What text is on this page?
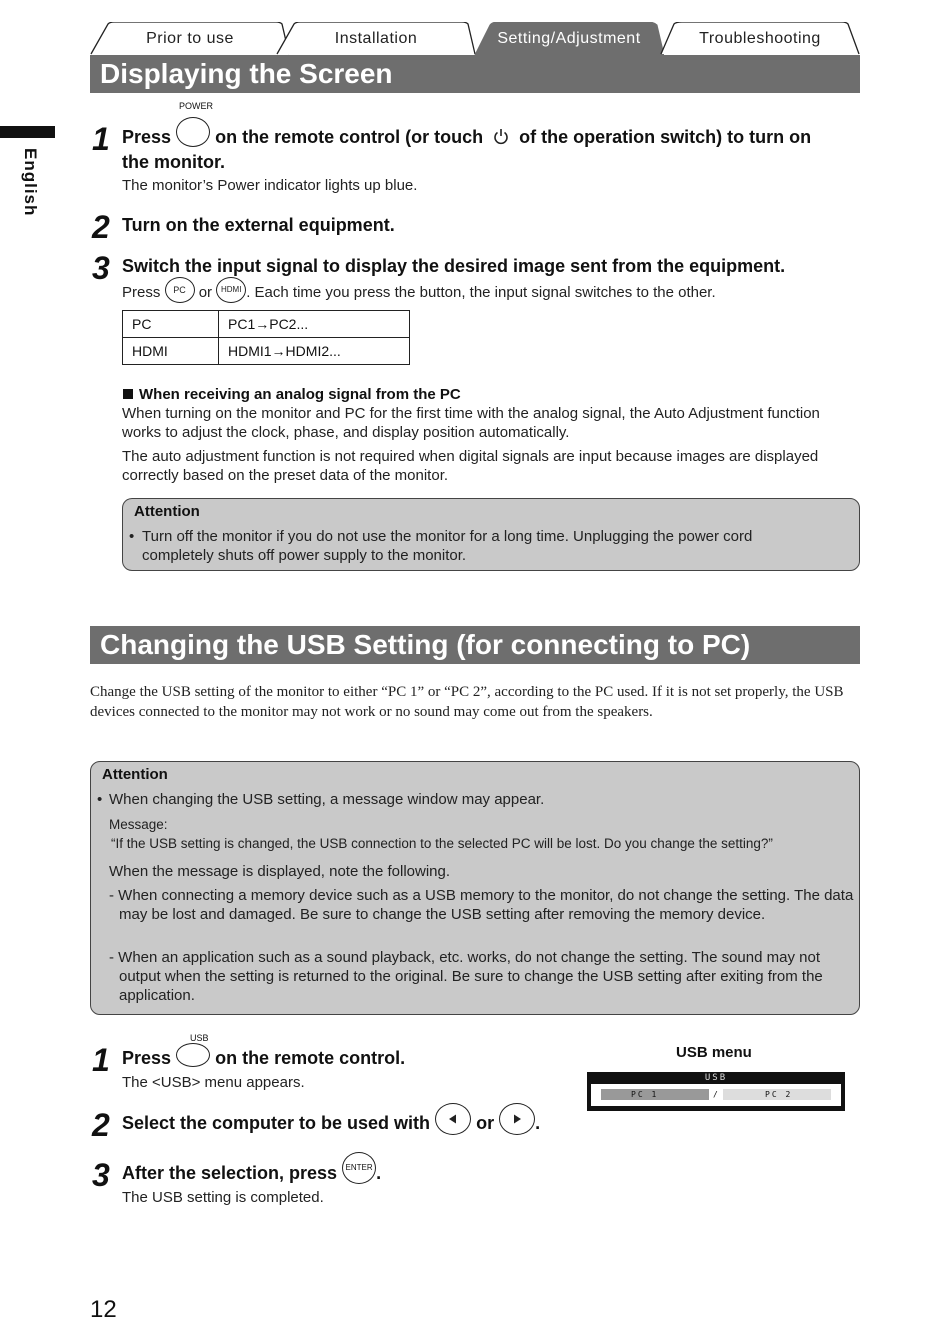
Prior to use	Installation	Setting/Adjustment	Troubleshooting
English
Displaying the Screen
1
POWER
Press on the remote control (or touch of the operation switch) to turn on
the monitor.
The monitor’s Power indicator lights up blue.
2 Turn on the external equipment.
3 Switch the input signal to display the desired image sent from the equipment.
Press PC or HDMI . Each time you press the button, the input signal switches to the other.
PC	PC1→PC2...
HDMI	HDMI1→HDMI2...
When receiving an analog signal from the PC
When turning on the monitor and PC for the first time with the analog signal, the Auto Adjustment function works to adjust the clock, phase, and display position automatically.
The auto adjustment function is not required when digital signals are input because images are displayed correctly based on the preset data of the monitor.
Attention
• Turn off the monitor if you do not use the monitor for a long time. Unplugging the power cord completely shuts off power supply to the monitor.
Changing the USB Setting (for connecting to PC)
Change the USB setting of the monitor to either “PC 1” or “PC 2”, according to the PC used. If it is not set properly, the USB devices connected to the monitor may not work or no sound may come out from the speakers.
Attention
• When changing the USB setting, a message window may appear.
Message:
“If the USB setting is changed, the USB connection to the selected PC will be lost. Do you change the setting?”
When the message is displayed, note the following.
- When connecting a memory device such as a USB memory to the monitor, do not change the setting. The data may be lost and damaged. Be sure to change the USB setting after removing the memory device.
- When an application such as a sound playback, etc. works, do not change the setting. The sound may not output when the setting is returned to the original. Be sure to change the USB setting after exiting from the application.
1
USB
Press on the remote control.
The <USB> menu appears.
2 Select the computer to be used with	or .
3 After the selection, press ENTER .
The USB setting is completed.
USB menu
USB
PC 1	/	PC 2
12
